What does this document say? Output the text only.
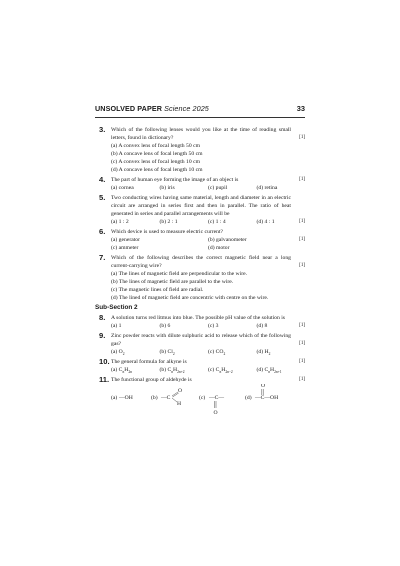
UNSOLVED PAPER Science 2025	33
3. Which of the following lenses would you like at the time of reading small letters, found in dictionary?	[1]
(a) A convex lens of focal length 50 cm
(b) A concave lens of focal length 50 cm
(c) A convex lens of focal length 10 cm
(d) A concave lens of focal length 10 cm
4. The part of human eye forming the image of an object is	[1]
(a) cornea	(b) iris	(c) pupil	(d) retina
5. Two conducting wires having same material, length and diameter in an electric circuit are arranged in series first and then in parallel. The ratio of heat generated in series and parallel arrangements will be
[1]
(a) 1 : 2	(b) 2 : 1	(c) 1 : 4	(d) 4 : 1
6. Which device is used to measure electric current?
[1]
(a) generator	(b) galvanometer
(c) ammeter	(d) motor
7. Which of the following describes the correct magnetic field near a long current-carrying wire?	[1]
(a) The lines of magnetic field are perpendicular to the wire.
(b) The lines of magnetic field are parallel to the wire.
(c) The magnetic lines of field are radial.
(d) The lined of magnetic field are concentric with centre on the wire.
Sub-Section 2
8. A solution turns red litmus into blue. The possible pH value of the solution is
[1]
(a) 1	(b) 6	(c) 3	(d) 8
9. Zinc powder reacts with dilute sulphuric acid to release which of the following gas?	[1]
(a) $O_2$	(b) $Cl_2$	(c) $CO_2$	(d) $H_2$
10. The general formula for alkyne is	[1]
(a) $C_nH_{2n}$	(b) $C_nH_{2n+2}$	(c) $C_nH_{2n-2}$	(d) $C_nH_{2n+1}$
11. The functional group of aldehyde is	[1]
(a) —OH	(b) —C
O
H
(c) —C—
O
(d)
O
—C—OH
